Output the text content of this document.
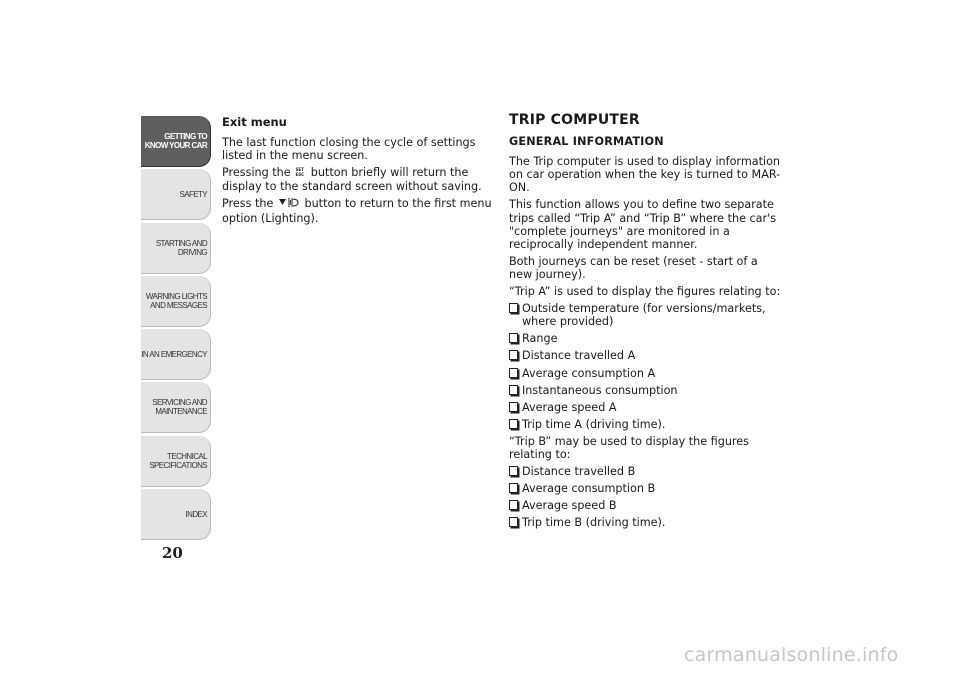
GETTING TO
KNOW YOUR CAR
SAFETY
STARTING AND
DRIVING
WARNING LIGHTS
AND MESSAGES
IN AN EMERGENCY
SERVICING AND
MAINTENANCE
TECHNICAL
SPECIFICATIONS
INDEX
20

Exit menu

The last function closing the cycle of settings listed in the menu screen.

Pressing the SET
ESC button briefly will return the display to the standard screen without saving.

Press the	button to return to the first menu option (Lighting).

TRIP COMPUTER

GENERAL INFORMATION

The Trip computer is used to display information on car operation when the key is turned to MAR-ON.

This function allows you to define two separate trips called “Trip A” and “Trip B” where the car's "complete journeys" are monitored in a reciprocally independent manner.

Both journeys can be reset (reset - start of a new journey).

“Trip A” is used to display the figures relating to:

Outside temperature (for versions/markets, where provided)
Range
Distance travelled A
Average consumption A
Instantaneous consumption
Average speed A
Trip time A (driving time).

“Trip B” may be used to display the figures relating to:

Distance travelled B
Average consumption B
Average speed B
Trip time B (driving time).
carmanualsonline.info
